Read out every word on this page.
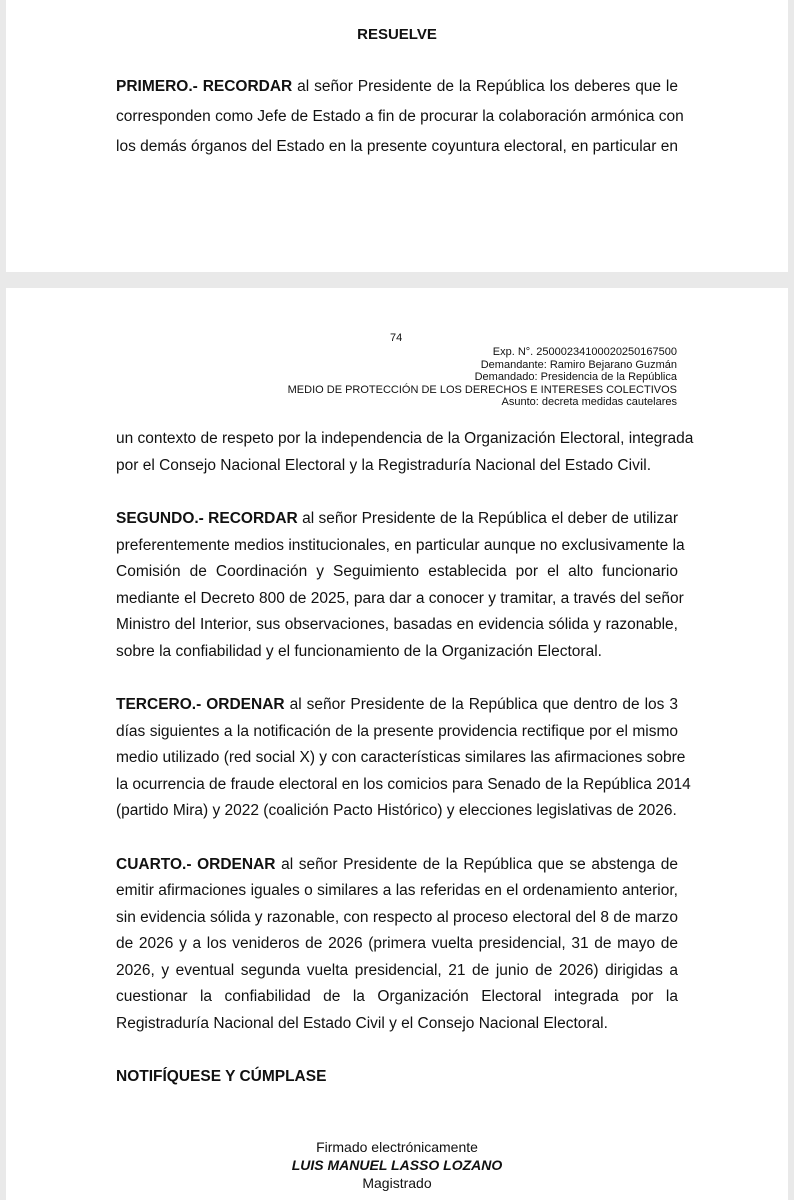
RESUELVE
PRIMERO.- RECORDAR al señor Presidente de la República los deberes que le
corresponden como Jefe de Estado a fin de procurar la colaboración armónica con
los demás órganos del Estado en la presente coyuntura electoral, en particular en
74
Exp. N°. 25000234100020250167500
Demandante: Ramiro Bejarano Guzmán
Demandado: Presidencia de la República
MEDIO DE PROTECCIÓN DE LOS DERECHOS E INTERESES COLECTIVOS
Asunto: decreta medidas cautelares
un contexto de respeto por la independencia de la Organización Electoral, integrada
por el Consejo Nacional Electoral y la Registraduría Nacional del Estado Civil.
SEGUNDO.- RECORDAR al señor Presidente de la República el deber de utilizar
preferentemente medios institucionales, en particular aunque no exclusivamente la
Comisión de Coordinación y Seguimiento establecida por el alto funcionario
mediante el Decreto 800 de 2025, para dar a conocer y tramitar, a través del señor
Ministro del Interior, sus observaciones, basadas en evidencia sólida y razonable,
sobre la confiabilidad y el funcionamiento de la Organización Electoral.
TERCERO.- ORDENAR al señor Presidente de la República que dentro de los 3
días siguientes a la notificación de la presente providencia rectifique por el mismo
medio utilizado (red social X) y con características similares las afirmaciones sobre
la ocurrencia de fraude electoral en los comicios para Senado de la República 2014
(partido Mira) y 2022 (coalición Pacto Histórico) y elecciones legislativas de 2026.
CUARTO.- ORDENAR al señor Presidente de la República que se abstenga de
emitir afirmaciones iguales o similares a las referidas en el ordenamiento anterior,
sin evidencia sólida y razonable, con respecto al proceso electoral del 8 de marzo
de 2026 y a los venideros de 2026 (primera vuelta presidencial, 31 de mayo de
2026, y eventual segunda vuelta presidencial, 21 de junio de 2026) dirigidas a
cuestionar la confiabilidad de la Organización Electoral integrada por la
Registraduría Nacional del Estado Civil y el Consejo Nacional Electoral.
NOTIFÍQUESE Y CÚMPLASE
Firmado electrónicamente
LUIS MANUEL LASSO LOZANO
Magistrado
